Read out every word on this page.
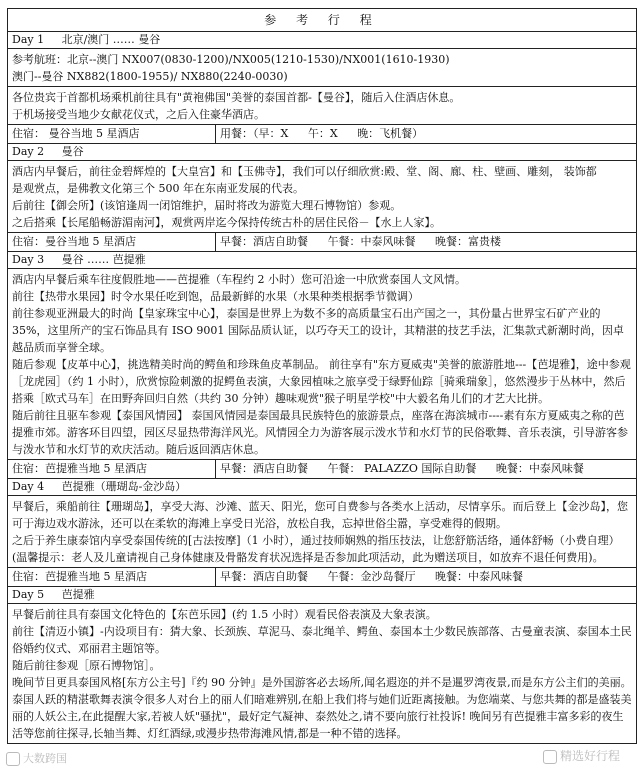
参 考 行 程
Day 1 北京/澳门 …… 曼谷
参考航班：北京--澳门 NX007(0830-1200)/NX005(1210-1530)/NX001(1610-1930)
澳门--曼谷 NX882(1800-1955)/ NX880(2240-0030)
各位贵宾于首都机场乘机前往具有"黄袍佛国"美誉的泰国首都-【曼谷】，随后入住酒店休息。
于机场接受当地少女献花仪式，之后入住豪华酒店。
住宿： 曼谷当地 5 星酒店	用餐：（早：X 午：X 晚：飞机餐）
Day 2 曼谷
酒店内早餐后，前往金碧辉煌的【大皇宫】和【玉佛寺】，我们可以仔细欣赏:殿、堂、阁、廊、柱、壁画、雕刻， 装饰都
是观赏点，是佛教文化第三个 500 年在东南亚发展的代表。
后前往【御会所】(该馆逢周一闭馆维护，届时将改为游览大理石博物馆）参观。
之后搭乘【长尾船畅游湄南河】，观赏两岸迄今保持传统古朴的居住民俗－【水上人家】。
住宿：曼谷当地 5 星酒店	早餐：酒店自助餐 午餐：中泰风味餐 晚餐：富贵楼
Day 3 曼谷 …… 芭提雅
酒店内早餐后乘车往度假胜地——芭提雅（车程约 2 小时）您可沿途一中欣赏泰国人文风情。
前往【热带水果园】时令水果任吃到饱，品最新鲜的水果（水果种类根据季节微调）
前往参观亚洲最大的时尚【皇家珠宝中心】，泰国是世界上为数不多的高质量宝石出产国之一，其份量占世界宝石矿产业的35%，这里所产的宝石饰品具有 ISO 9001 国际品质认证，以巧夺天工的设计，其精湛的技艺手法，汇集款式新潮时尚，因卓越品质而享誉全球。
随后参观【皮革中心】，挑选精美时尚的鳄鱼和珍珠鱼皮革制品。 前往享有"东方夏威夷"美誉的旅游胜地---【芭堤雅】，途中参观［龙虎园］（约 1 小时），欣赏惊险刺激的捉鳄鱼表演，大象园植味之旅享受于绿野仙踪［骑乘瑞象］，悠然漫步于丛林中，然后搭乘［欧式马车］在田野奔回归自然（共约 30 分钟）趣味观赏"猴子明星学校"中大毅名角儿们的才艺大比拼。
随后前往且驱车参观【泰国风情园】 泰国风情园是泰国最具民族特色的旅游景点，座落在海滨城市----素有东方夏威夷之称的芭提雅市郊。游客环目四望，园区尽显热带海洋风光。风情园全力为游客展示泼水节和水灯节的民俗歌舞、音乐表演，引导游客参与泼水节和水灯节的欢庆活动。随后返回酒店休息。
住宿：芭提雅当地 5 星酒店	早餐：酒店自助餐 午餐： PALAZZO 国际自助餐 晚餐：中泰风味餐
Day 4 芭提雅（珊瑚岛-金沙岛）
早餐后，乘船前往【珊瑚岛】，享受大海、沙滩、蓝天、阳光，您可自费参与各类水上活动，尽情享乐。而后登上【金沙岛】，您可于海边戏水游泳，还可以在柔软的海滩上享受日光浴，放松自我，忘掉世俗尘嚣，享受难得的假期。
之后于养生康泰馆内享受泰国传统的[古法按摩]（1 小时），通过技师娴熟的指压技法，让您舒筋活络，通体舒畅（小费自理）(温馨提示：老人及儿童请视自己身体健康及骨骼发育状况选择是否参加此项活动，此为赠送项目，如放弃不退任何费用)。
住宿：芭提雅当地 5 星酒店	早餐：酒店自助餐 午餐：金沙岛餐厅 晚餐：中泰风味餐
Day 5 芭提雅
早餐后前往具有泰国文化特色的【东芭乐园】(约 1.5 小时）观看民俗表演及大象表演。
前往【清迈小镇】-内设项目有：猜大象、长颈族、草泥马、泰北绳羊、鳄鱼、泰国本土少数民族部落、古曼童表演、泰国本土民俗婚约仪式、邓丽君主题馆等。
随后前往参观［原石博物馆］。
晚间节目更具泰国风格[东方公主号]『约 90 分钟』是外国游客必去场所,闻名遐迩的并不是暹罗湾夜景,而是东方公主们的美丽。泰国人跃的精湛歌舞表演令很多人对台上的丽人们暗难辨别,在船上我们将与她们近距离接触。为您端菜、与您共舞的都是盛装美丽的人妖公主,在此提醒大家,若被人妖"骚扰"，最好定气凝神、泰然处之,请不要向旅行社投诉! 晚间另有芭提雅丰富多彩的夜生活等您前往探寻,长轴当舞、灯红酒绿,或漫步热带海滩风情,都是一种不错的选择。
大数跨国	精选好行程
